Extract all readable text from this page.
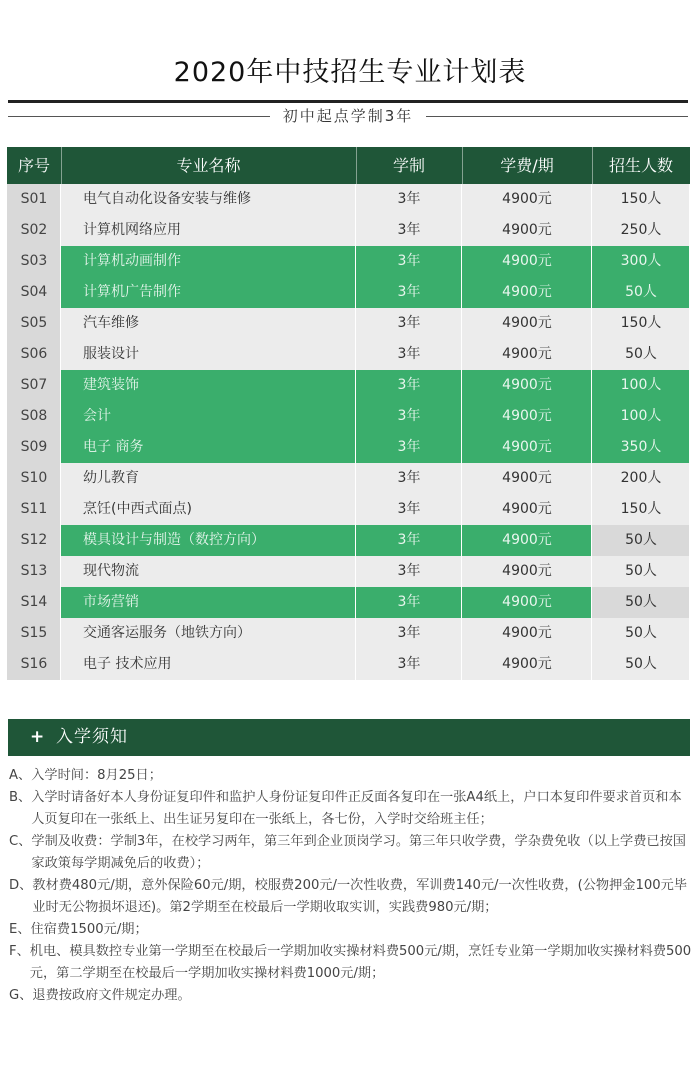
2020年中技招生专业计划表
初中起点学制3年
序号	专业名称	学制	学费/期	招生人数
S01	电气自动化设备安装与维修	3年	4900元	150人
S02	计算机网络应用	3年	4900元	250人
S03	计算机动画制作	3年	4900元	300人
S04	计算机广告制作	3年	4900元	50人
S05	汽车维修	3年	4900元	150人
S06	服装设计	3年	4900元	50人
S07	建筑装饰	3年	4900元	100人
S08	会计	3年	4900元	100人
S09	电子 商务	3年	4900元	350人
S10	幼儿教育	3年	4900元	200人
S11	烹饪(中西式面点)	3年	4900元	150人
S12	模具设计与制造（数控方向）	3年	4900元	50人
S13	现代物流	3年	4900元	50人
S14	市场营销	3年	4900元	50人
S15	交通客运服务（地铁方向）	3年	4900元	50人
S16	电子 技术应用	3年	4900元	50人
+ 入学须知
A、 入学时间：8月25日；
B、 入学时请备好本人身份证复印件和监护人身份证复印件正反面各复印在一张A4纸上，户口本复印件要求首页和本人页复印在一张纸上、出生证另复印在一张纸上，各七份，入学时交给班主任；
C、 学制及收费：学制3年，在校学习两年，第三年到企业顶岗学习。第三年只收学费，学杂费免收（以上学费已按国家政策每学期减免后的收费）；
D、 教材费480元/期，意外保险60元/期，校服费200元/一次性收费，军训费140元/一次性收费，(公物押金100元毕业时无公物损坏退还)。第2学期至在校最后一学期收取实训，实践费980元/期；
E、 住宿费1500元/期；
F、 机电、模具数控专业第一学期至在校最后一学期加收实操材料费500元/期，烹饪专业第一学期加收实操材料费500元，第二学期至在校最后一学期加收实操材料费1000元/期；
G、 退费按政府文件规定办理。
